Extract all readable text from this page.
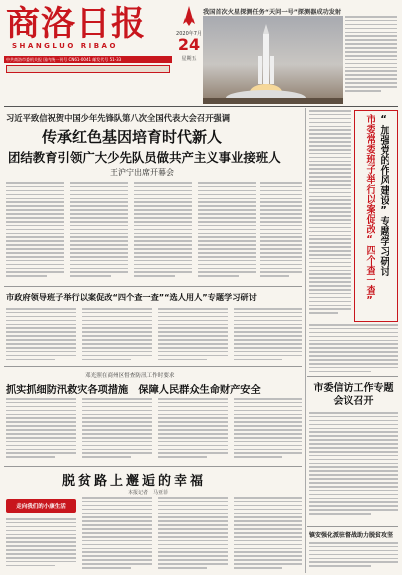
商洛日报
SHANGLUO RIBAO
2020年7月
24
星期五
中共商洛市委机关报 国内统一刊号 CN61-0041 邮发代号 51-33
我国首次火星探测任务“天问一号”探测器成功发射
习近平致信祝贺中国少年先锋队第八次全国代表大会召开强调
传承红色基因培育时代新人
团结教育引领广大少先队员做共产主义事业接班人
王沪宁出席开幕会
市政府领导班子举行以案促改“四个查一查”“选人用人”专题学习研讨
邓光照在商州区督查防汛工作时要求
抓实抓细防汛救灾各项措施　保障人民群众生命财产安全
脱贫路上邂逅的幸福
本报记者　马亚菲
走向我们的小康生活
市委常委班子举行以案促改“四个查一查” “加强党的作风建设”专题学习研讨
市委信访工作专题会议召开
镇安强化派驻督战助力脱贫攻坚
